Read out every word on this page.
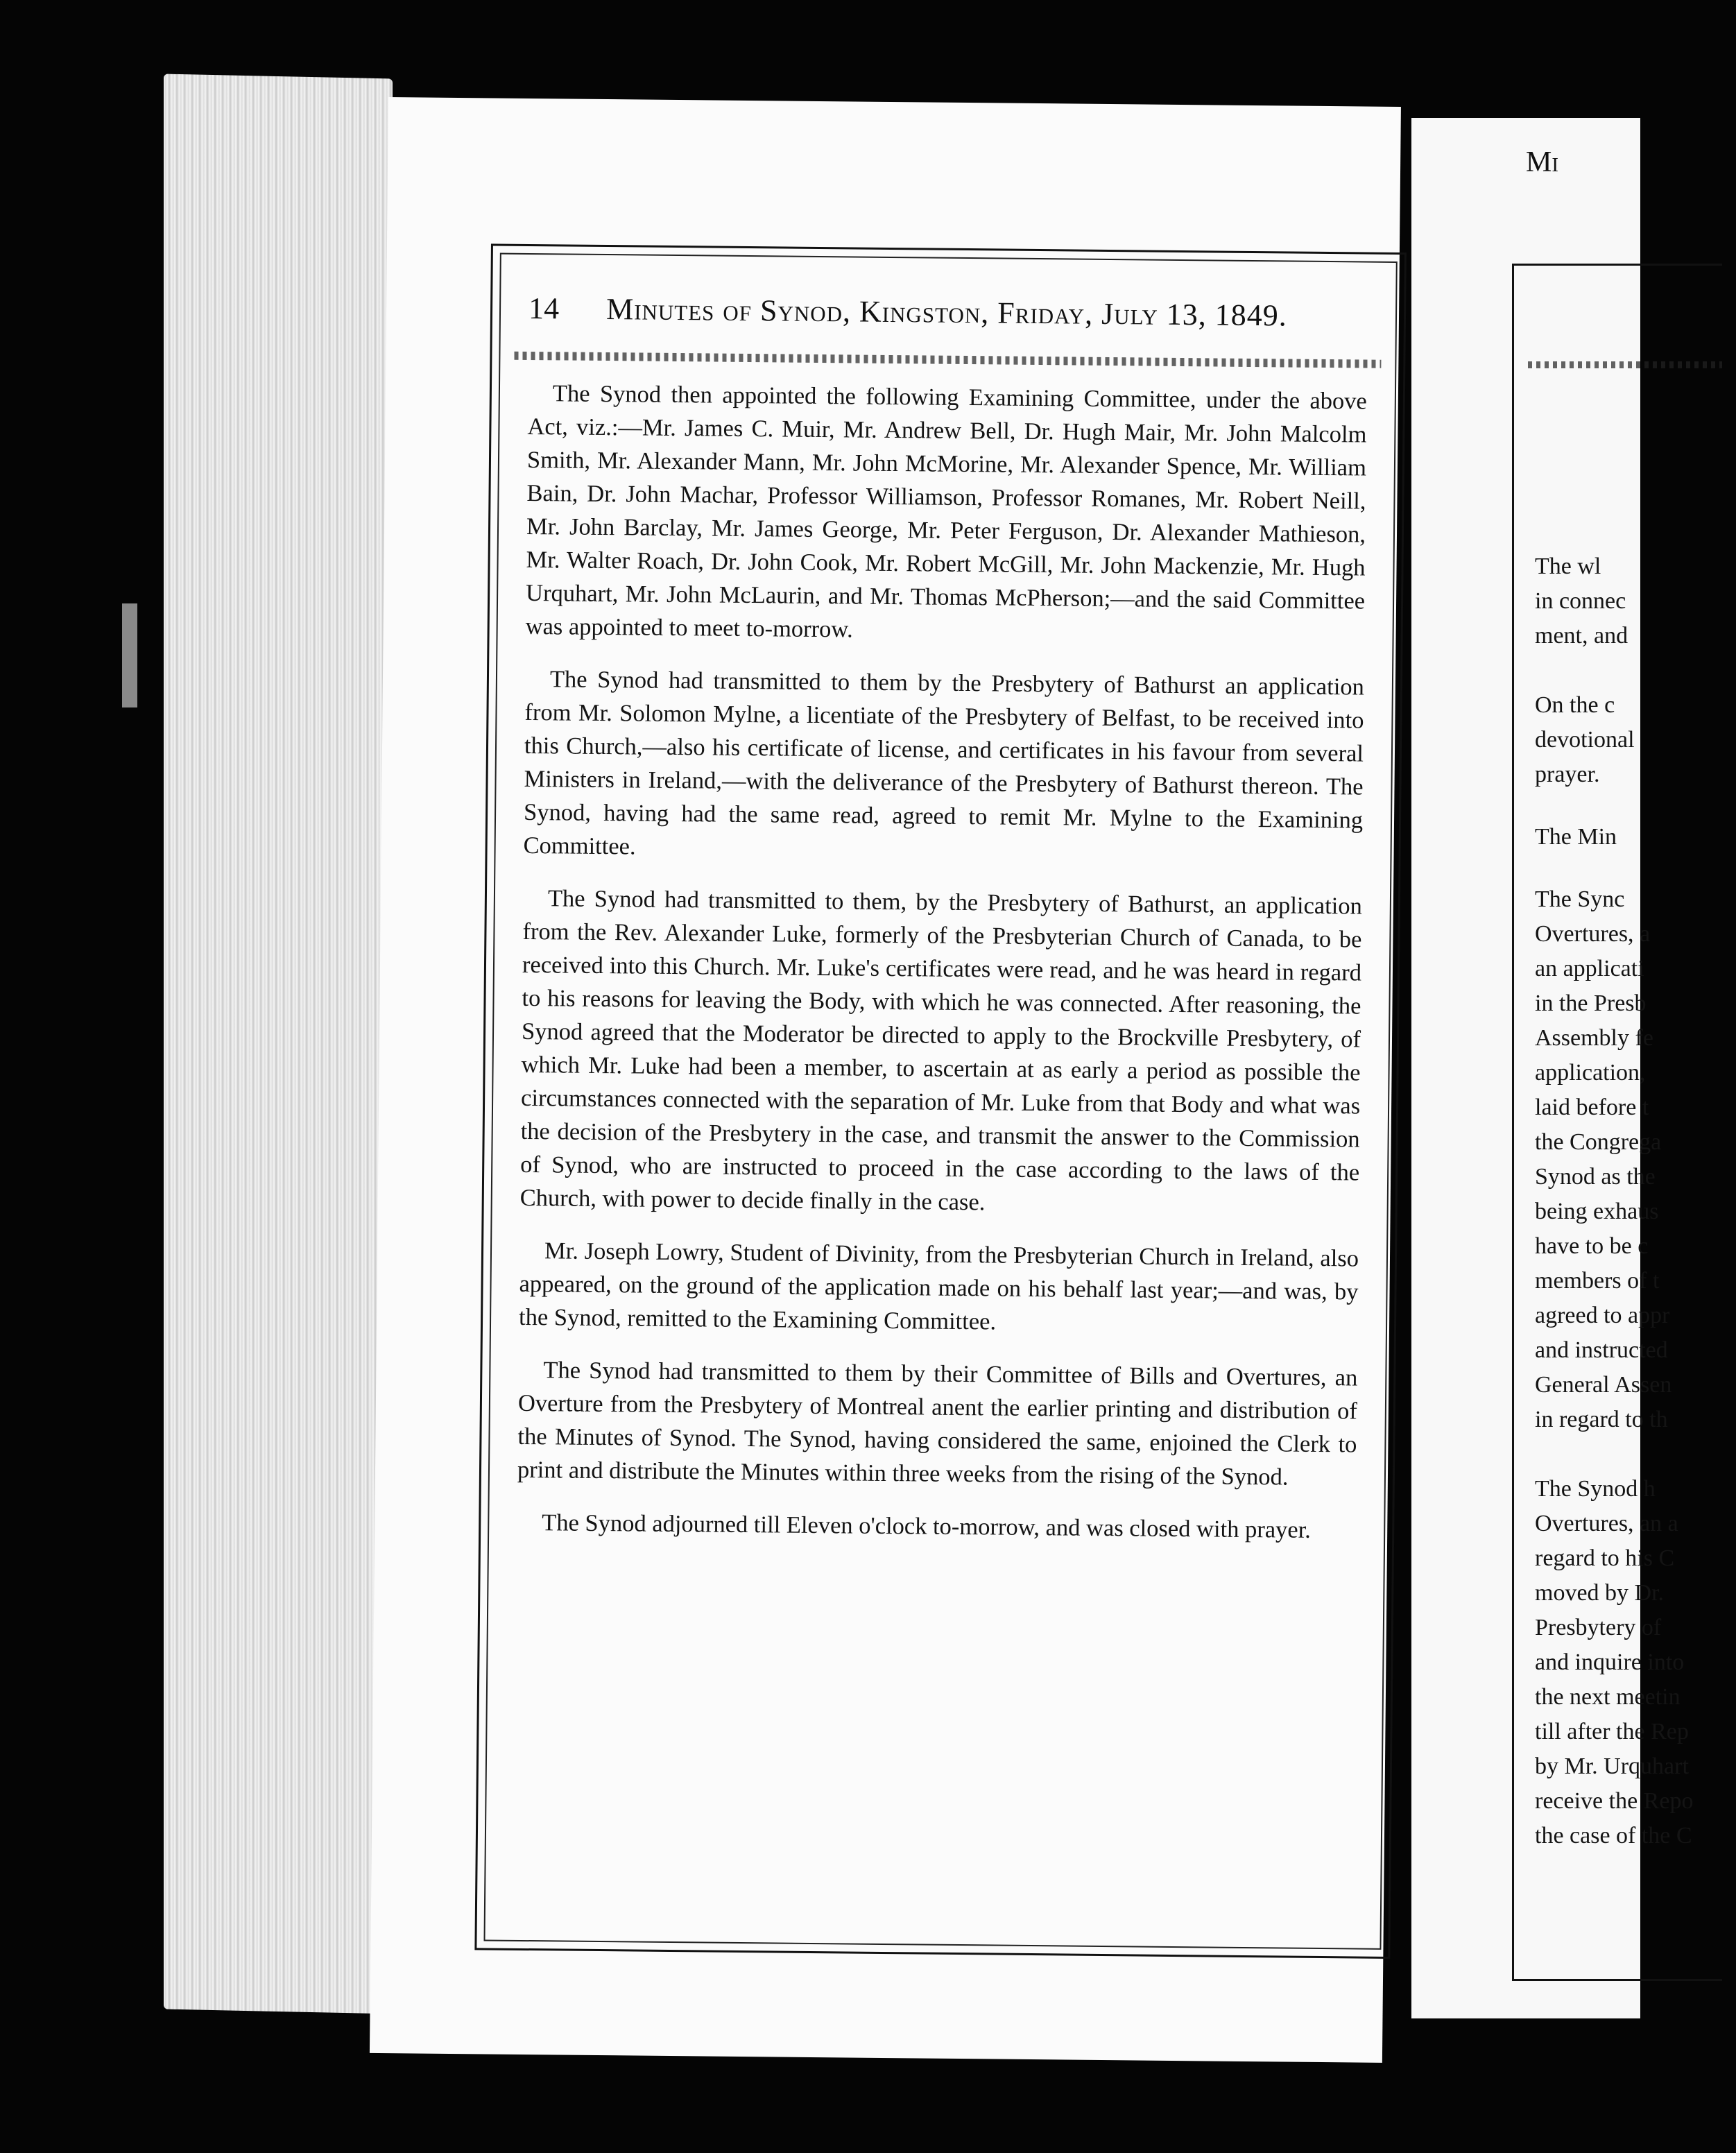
14 Minutes of Synod, Kingston, Friday, July 13, 1849.

The Synod then appointed the following Examining Committee, under the above Act, viz.:—Mr. James C. Muir, Mr. Andrew Bell, Dr. Hugh Mair, Mr. John Malcolm Smith, Mr. Alexander Mann, Mr. John McMorine, Mr. Alexander Spence, Mr. William Bain, Dr. John Machar, Professor Williamson, Professor Romanes, Mr. Robert Neill, Mr. John Barclay, Mr. James George, Mr. Peter Ferguson, Dr. Alexander Mathieson, Mr. Walter Roach, Dr. John Cook, Mr. Robert McGill, Mr. John Mackenzie, Mr. Hugh Urquhart, Mr. John McLaurin, and Mr. Thomas McPherson;—and the said Committee was appointed to meet to-morrow.

The Synod had transmitted to them by the Presbytery of Bathurst an application from Mr. Solomon Mylne, a licentiate of the Presbytery of Belfast, to be received into this Church,—also his certificate of license, and certificates in his favour from several Ministers in Ireland,—with the deliverance of the Presbytery of Bathurst thereon. The Synod, having had the same read, agreed to remit Mr. Mylne to the Examining Committee.

The Synod had transmitted to them, by the Presbytery of Bathurst, an application from the Rev. Alexander Luke, formerly of the Presbyterian Church of Canada, to be received into this Church. Mr. Luke's certificates were read, and he was heard in regard to his reasons for leaving the Body, with which he was connected. After reasoning, the Synod agreed that the Moderator be directed to apply to the Brockville Presbytery, of which Mr. Luke had been a member, to ascertain at as early a period as possible the circumstances connected with the separation of Mr. Luke from that Body and what was the decision of the Presbytery in the case, and transmit the answer to the Commission of Synod, who are instructed to proceed in the case according to the laws of the Church, with power to decide finally in the case.

Mr. Joseph Lowry, Student of Divinity, from the Presbyterian Church in Ireland, also appeared, on the ground of the application made on his behalf last year;—and was, by the Synod, remitted to the Examining Committee.

The Synod had transmitted to them by their Committee of Bills and Overtures, an Overture from the Presbytery of Montreal anent the earlier printing and distribution of the Minutes of Synod. The Synod, having considered the same, enjoined the Clerk to print and distribute the Minutes within three weeks from the rising of the Synod.

The Synod adjourned till Eleven o'clock to-morrow, and was closed with prayer.

Mi
The wl
in connec
ment, and
On the c
devotional
prayer.
The Min
The Sync
Overtures, a
an applicati
in the Presb
Assembly fe
application,
laid before t
the Congrega
Synod as the
being exhaus
have to be c
members of t
agreed to appr
and instructed
General Assen
in regard to th
The Synod h
Overtures, an a
regard to his C
moved by Dr.
Presbytery of
and inquire into
the next meetin
till after the Rep
by Mr. Urquhart
receive the Repo
the case of the C
